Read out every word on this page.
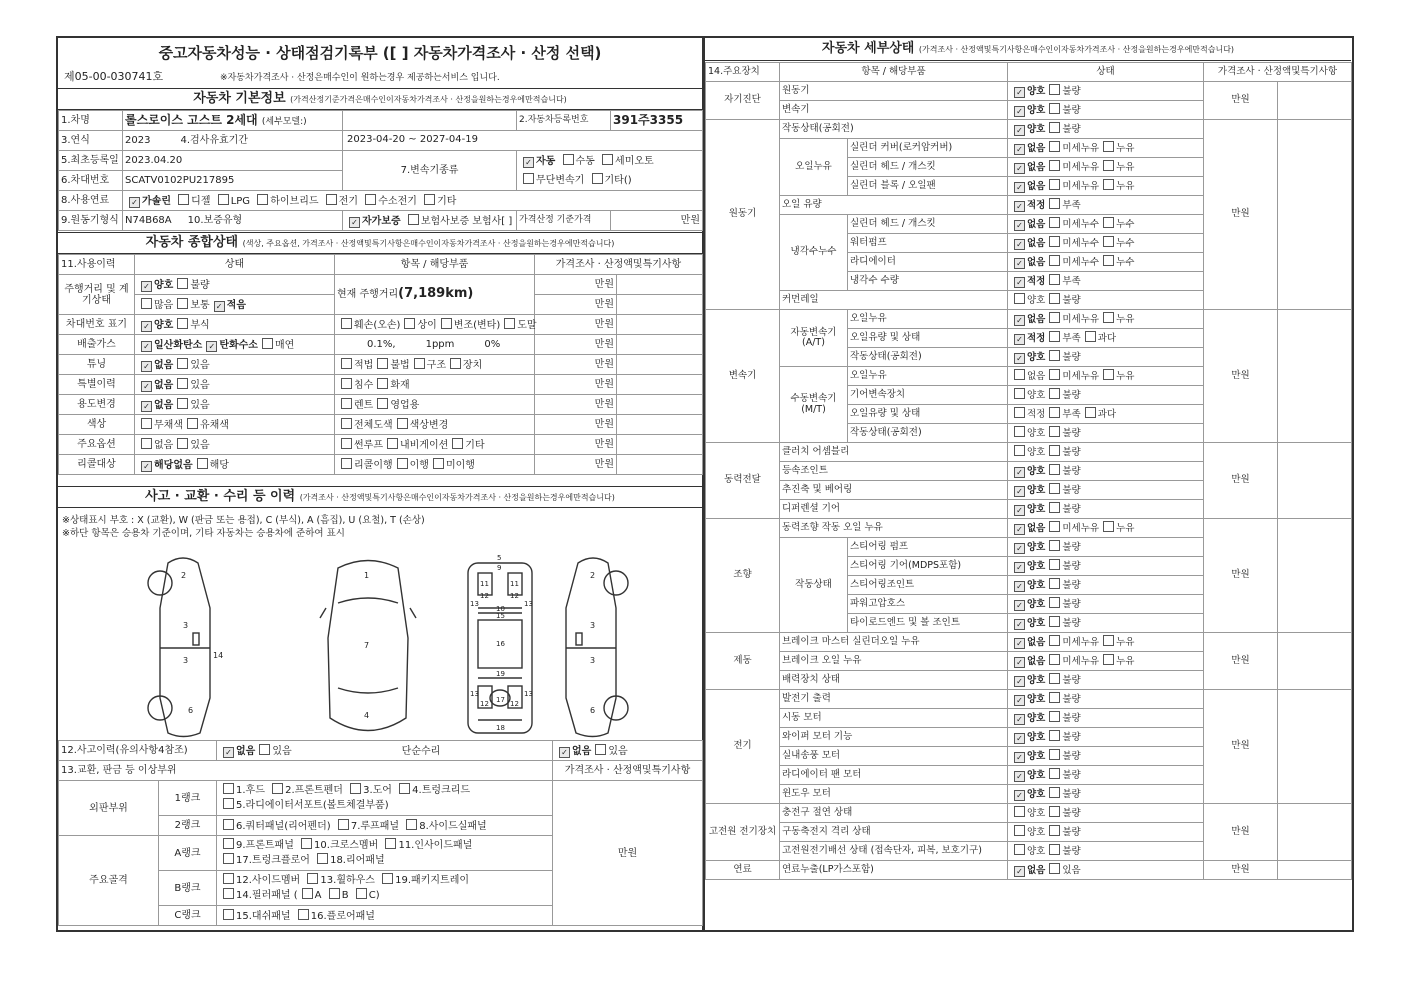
중고자동차성능 · 상태점검기록부 ([ ] 자동차가격조사 · 산정 선택)
제05-00-030741호	※자동차가격조사 · 산정은매수인이 원하는경우 제공하는서비스 입니다.
자동차 기본정보 (가격산정기준가격은매수인이자동차가격조사 · 산정을원하는경우에만적습니다)
1.차명	롤스로이스 고스트 2세대 (세부모델:)		2.자동차등록번호	391주3355
3.연식	2023 4.검사유효기간	2023-04-20 ~ 2027-04-19		

5.최초등록일	2023.04.20	7.변속기종류	✓자동 수동 세미오토
무단변속기 기타()
6.차대번호	SCATV0102PU217895			
8.사용연료	✓가솔린 디젤 LPG 하이브리드 전기 수소전기 기타
9.원동기형식	N74B68A 10.보증유형	✓자가보증 보험사보증 보험사[ ]	가격산정 기준가격	만원
자동차 종합상태 (색상, 주요옵션, 가격조사 · 산정액및특기사항은매수인이자동차가격조사 · 산정을원하는경우에만적습니다)
11.사용이력	상태	항목 / 해당부품	가격조사 · 산정액및특기사항	
주행거리 및 계기상태	✓양호 불량	현재 주행거리(7,189km)	만원	
	많음 보통 ✓ 적음		만원	
차대번호 표기	✓양호 부식	훼손(오손) 상이 변조(변타) 도말	만원	
배출가스	✓일산화탄소 ✓ 탄화수소 매연	0.1%, 1ppm 0%	만원	
튜닝	✓없음 있음	적법 불법 구조 장치	만원	
특별이력	✓없음 있음	침수 화재	만원	
용도변경	✓없음 있음	렌트 영업용	만원	
색상	무채색 유채색	전체도색 색상변경	만원	
주요옵션	없음 있음	썬루프 내비게이션 기타	만원	
리콜대상	✓해당없음 해당	리콜이행 이행 미이행	만원	
사고 · 교환 · 수리 등 이력 (가격조사 · 산정액및특기사항은매수인이자동차가격조사 · 산정을원하는경우에만적습니다)
※상태표시 부호 : X (교환), W (판금 또는 용접), C (부식), A (흠집), U (요철), T (손상)
※하단 항목은 승용차 기준이며, 기타 자동차는 승용차에 준하여 표시
2
3
3
14
6
2
3
3
6
1
7
4
5
9
11	11
12	12
13	13
10
15
16
19
13	13
12 17 12
18
12.사고이력(유의사항4참조)	✓없음 있음 단순수리	✓없음 있음
13.교환, 판금 등 이상부위			가격조사 · 산정액및특기사항
외판부위	1랭크	1.후드 2.프론트펜더 3.도어 4.트렁크리드
5.라디에이터서포트(볼트체결부품)	만원
	2랭크	6.쿼터패널(리어펜더) 7.루프패널 8.사이드실패널	
주요골격	A랭크	9.프론트패널 10.크로스멤버 11.인사이드패널
17.트렁크플로어 18.리어패널	
	B랭크	12.사이드멤버 13.휠하우스 19.패키지트레이
14.필러패널 ( A B C)	
	C랭크	15.대쉬패널 16.플로어패널	
자동차 세부상태 (가격조사 · 산정액및특기사항은매수인이자동차가격조사 · 산정을원하는경우에만적습니다)
14.주요장치	항목 / 해당부품		상태	가격조사 · 산정액및특기사항	
자기진단	원동기	✓양호 불량	만원	
	변속기	✓양호 불량
원동기	작동상태(공회전)	✓양호 불량	만원	
	오일누유	실린더 커버(로커암커버)	✓없음 미세누유 누유
		실린더 헤드 / 개스킷	✓없음 미세누유 누유
		실린더 블록 / 오일팬	✓없음 미세누유 누유
	오일 유량	✓적정 부족
	냉각수누수	실린더 헤드 / 개스킷	✓없음 미세누수 누수
		워터펌프	✓없음 미세누수 누수
		라디에이터	✓없음 미세누수 누수
		냉각수 수량	✓적정 부족
	커먼레일		양호 불량		
변속기	자동변속기 (A/T)	오일누유	✓없음 미세누유 누유	만원	
		오일유량 및 상태	✓적정 부족 과다
		작동상태(공회전)	✓양호 불량
	수동변속기 (M/T)	오일누유	없음 미세누유 누유		
		기어변속장치	양호 불량		
		오일유량 및 상태	적정 부족 과다		
		작동상태(공회전)	양호 불량		
동력전달	클러치 어셈블리		양호 불량	만원	
	등속조인트	✓양호 불량
	추진축 및 베어링	✓양호 불량
	디퍼렌셜 기어	✓양호 불량
조향	동력조향 작동 오일 누유	✓없음 미세누유 누유	만원	
	작동상태	스티어링 펌프	✓양호 불량
		스티어링 기어(MDPS포함)	✓양호 불량
		스티어링조인트	✓양호 불량
		파워고압호스	✓양호 불량
		타이로드엔드 및 볼 조인트	✓양호 불량
제동	브레이크 마스터 실린더오일 누유	✓없음 미세누유 누유	만원	
	브레이크 오일 누유	✓없음 미세누유 누유
	배력장치 상태	✓양호 불량
전기	발전기 출력	✓양호 불량	만원	
	시동 모터	✓양호 불량
	와이퍼 모터 기능	✓양호 불량
	실내송풍 모터	✓양호 불량
	라디에이터 팬 모터	✓양호 불량
	윈도우 모터	✓양호 불량
고전원 전기장치	충전구 절연 상태		양호 불량	만원	
	구동축전지 격리 상태		양호 불량		
	고전원전기배선 상태 (접속단자, 피복, 보호기구)		양호 불량		
연료	연료누출(LP가스포함)	✓없음 있음	만원	
